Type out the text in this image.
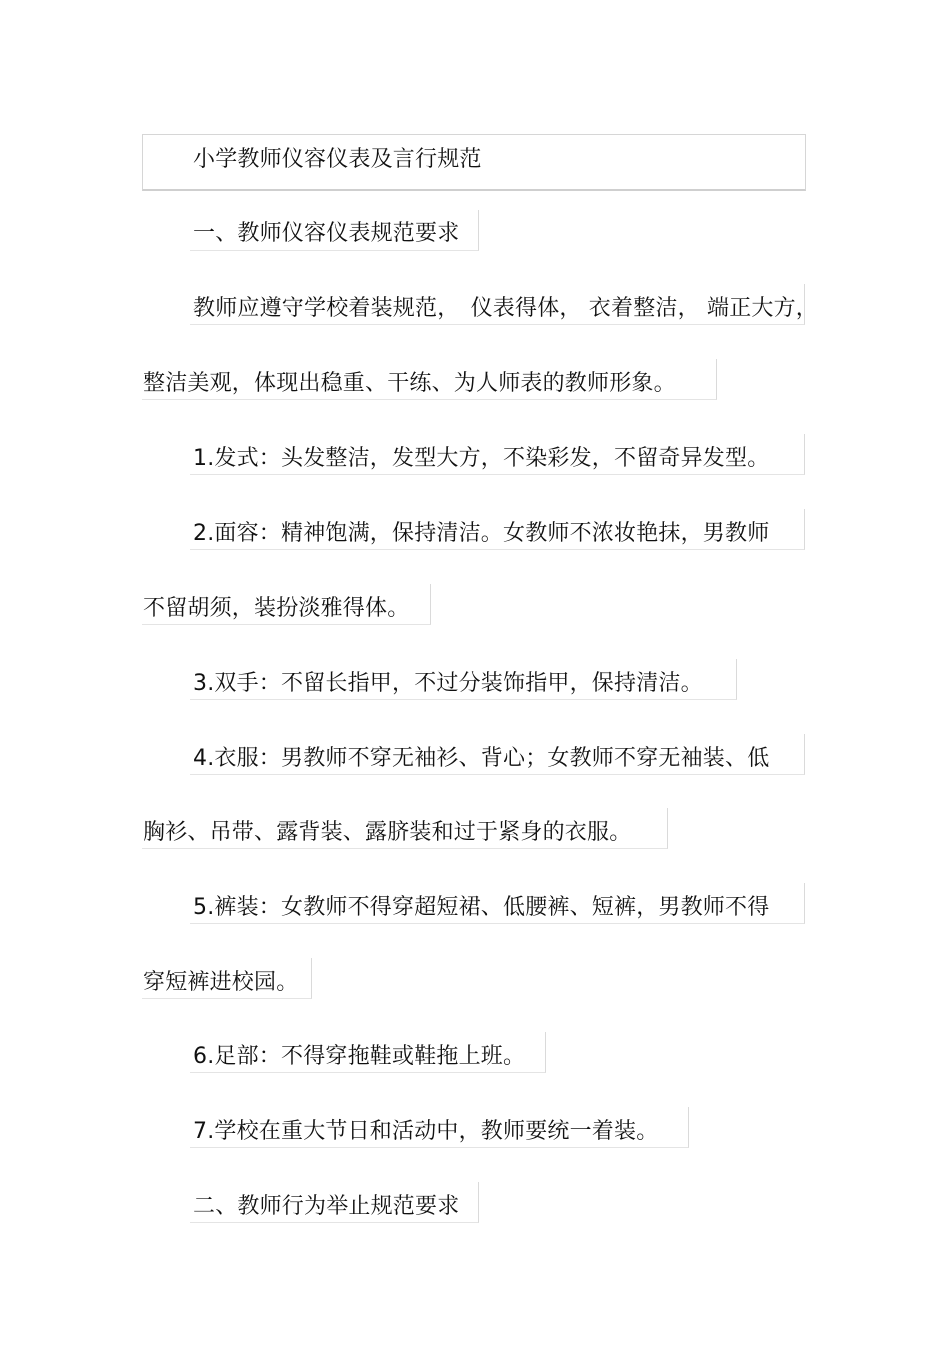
小学教师仪容仪表及言行规范
一、教师仪容仪表规范要求
教师应遵守学校着装规范，　仪表得体， 衣着整洁， 端正大方，
整洁美观，体现出稳重、干练、为人师表的教师形象。
1.发式：头发整洁，发型大方，不染彩发，不留奇异发型。
2.面容：精神饱满，保持清洁。女教师不浓妆艳抹，男教师
不留胡须，装扮淡雅得体。
3.双手：不留长指甲，不过分装饰指甲，保持清洁。
4.衣服：男教师不穿无袖衫、背心；女教师不穿无袖装、低
胸衫、吊带、露背装、露脐装和过于紧身的衣服。
5.裤装：女教师不得穿超短裙、低腰裤、短裤，男教师不得
穿短裤进校园。
6.足部：不得穿拖鞋或鞋拖上班。
7.学校在重大节日和活动中，教师要统一着装。
二、教师行为举止规范要求
